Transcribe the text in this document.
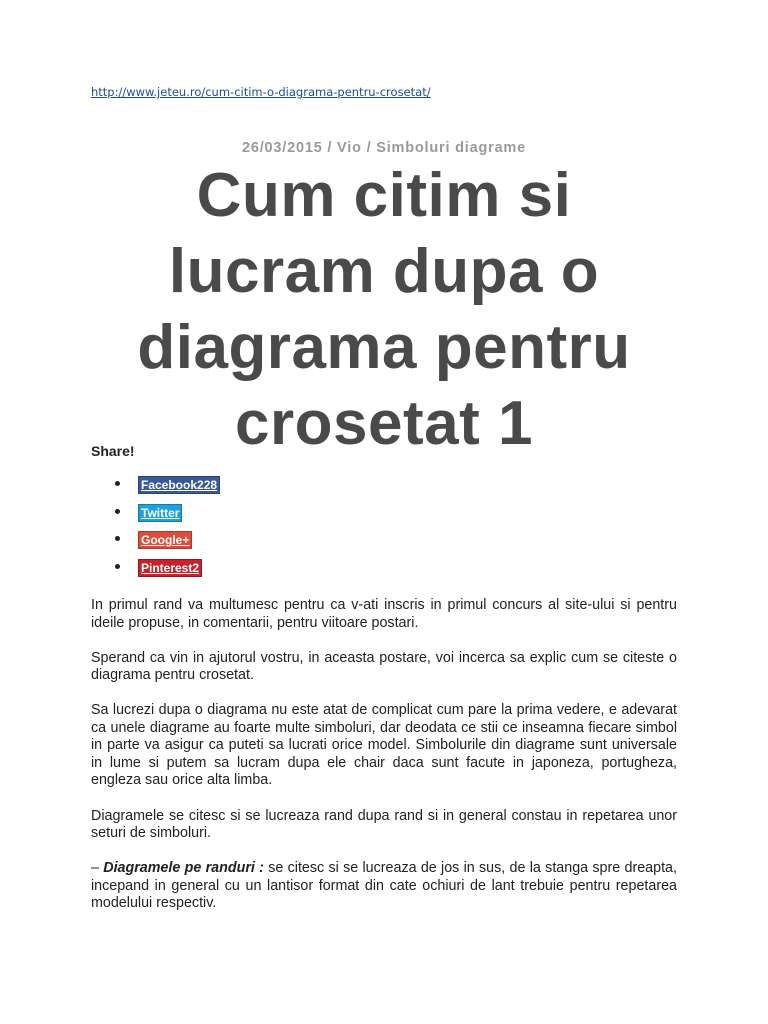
http://www.jeteu.ro/cum-citim-o-diagrama-pentru-crosetat/
26/03/2015 / Vio / Simboluri diagrame
Cum citim si lucram dupa o diagrama pentru crosetat 1
Share!
Facebook228
Twitter
Google+
Pinterest2

In primul rand va multumesc pentru ca v-ati inscris in primul concurs al site-ului si pentru ideile propuse, in comentarii, pentru viitoare postari.

Sperand ca vin in ajutorul vostru, in aceasta postare, voi incerca sa explic cum se citeste o diagrama pentru crosetat.

Sa lucrezi dupa o diagrama nu este atat de complicat cum pare la prima vedere, e adevarat ca unele diagrame au foarte multe simboluri, dar deodata ce stii ce inseamna fiecare simbol in parte va asigur ca puteti sa lucrati orice model. Simbolurile din diagrame sunt universale in lume si putem sa lucram dupa ele chair daca sunt facute in japoneza, portugheza, engleza sau orice alta limba.

Diagramele se citesc si se lucreaza rand dupa rand si in general constau in repetarea unor seturi de simboluri.

– Diagramele pe randuri : se citesc si se lucreaza de jos in sus, de la stanga spre dreapta, incepand in general cu un lantisor format din cate ochiuri de lant trebuie pentru repetarea modelului respectiv.
